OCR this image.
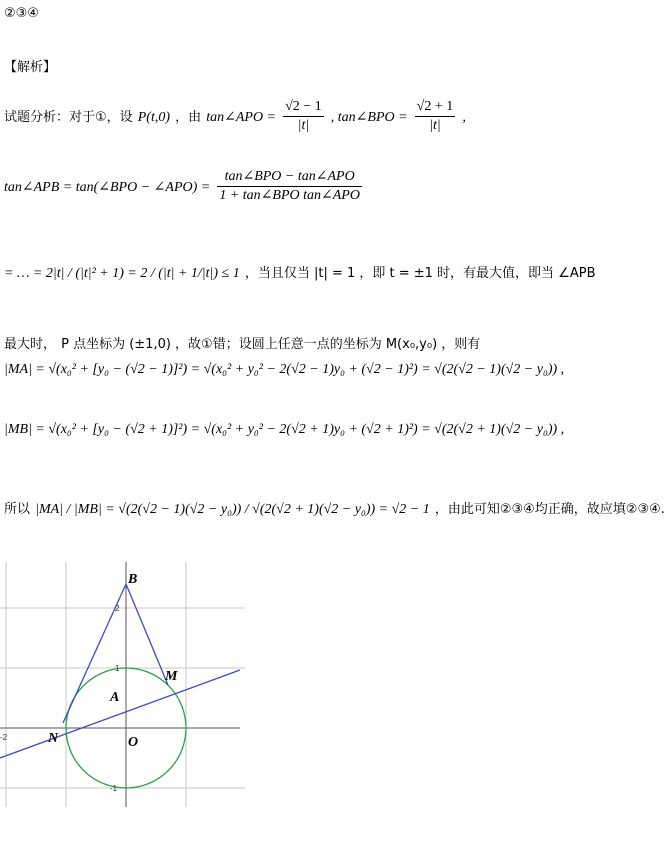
②③④
【解析】
试题分析：对于①，设 P(t,0) ，由 tan∠APO = $\frac{√2 - 1}{|t|}$ , tan∠BPO = $\frac{√2 + 1}{|t|}$ ,
tan∠APB = tan(∠BPO − ∠APO) = $\frac{\text{tan∠BPO − tan∠APO}}{\text{1 + tan∠BPO tan∠APO}}$
= … = 2|t| / (|t|² + 1) = 2 / (|t| + 1/|t|) ≤ 1 ，当且仅当 |t| = 1 ，即 t = ±1 时，有最大值，即当 ∠APB
最大时， P 点坐标为 (±1,0) ，故①错；设圆上任意一点的坐标为 M(x₀,y₀) ，则有
|MA| = √(x₀² + [y₀ − (√2 − 1)]²) = √(x₀² + y₀² − 2(√2 − 1)y₀ + (√2 − 1)²) = √(2(√2 − 1)(√2 − y₀)) ,
|MB| = √(x₀² + [y₀ − (√2 + 1)]²) = √(x₀² + y₀² − 2(√2 + 1)y₀ + (√2 + 1)²) = √(2(√2 + 1)(√2 − y₀)) ,
所以 |MA| / |MB| = √(2(√2 − 1)(√2 − y₀)) / √(2(√2 + 1)(√2 − y₀)) = √2 − 1 ，由此可知②③④均正确，故应填②③④.
B
M
A
N	O
2
1
-1
-2
